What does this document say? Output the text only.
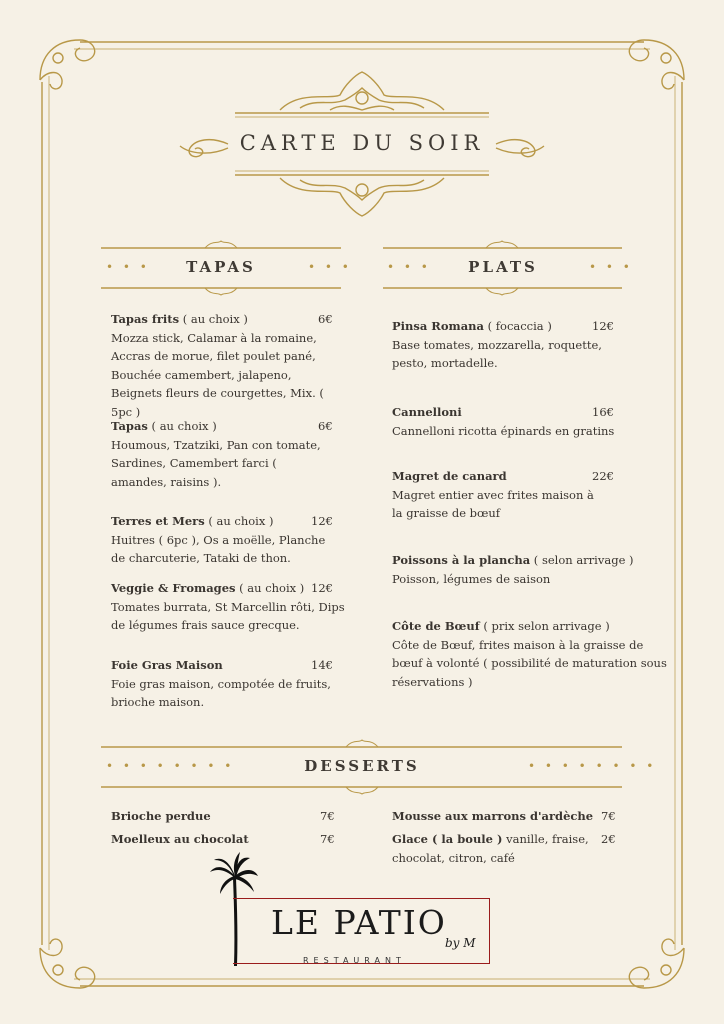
CARTE DU SOIR
• • •	TAPAS	• • •	• • •	PLATS	• • •
• • • • • • • •	DESSERTS	• • • • • • • •
Tapas frits ( au choix )	6€
Mozza stick, Calamar à la romaine, Accras de morue, filet poulet pané, Bouchée camembert, jalapeno, Beignets fleurs de courgettes, Mix. ( 5pc )
Tapas ( au choix )	6€
Houmous, Tzatziki, Pan con tomate, Sardines, Camembert farci ( amandes, raisins ).
Terres et Mers ( au choix )	12€
Huitres ( 6pc ), Os a moëlle, Planche de charcuterie, Tataki de thon.
Veggie & Fromages ( au choix ) 12€
Tomates burrata, St Marcellin rôti, Dips de légumes frais sauce grecque.
Foie Gras Maison	14€
Foie gras maison, compotée de fruits, brioche maison.
Pinsa Romana ( focaccia )	12€
Base tomates, mozzarella, roquette, pesto, mortadelle.
Cannelloni	16€
Cannelloni ricotta épinards en gratins
Magret de canard	22€
Magret entier avec frites maison à la graisse de bœuf
Poissons à la plancha ( selon arrivage )
Poisson, légumes de saison
Côte de Bœuf ( prix selon arrivage )
Côte de Bœuf, frites maison à la graisse de bœuf à volonté ( possibilité de maturation sous réservations )
Brioche perdue	7€
Moelleux au chocolat	7€
Mousse aux marrons d'ardèche 7€
Glace ( la boule ) vanille, fraise, chocolat, citron, café
2€
LE PATIO
by M
RESTAURANT
